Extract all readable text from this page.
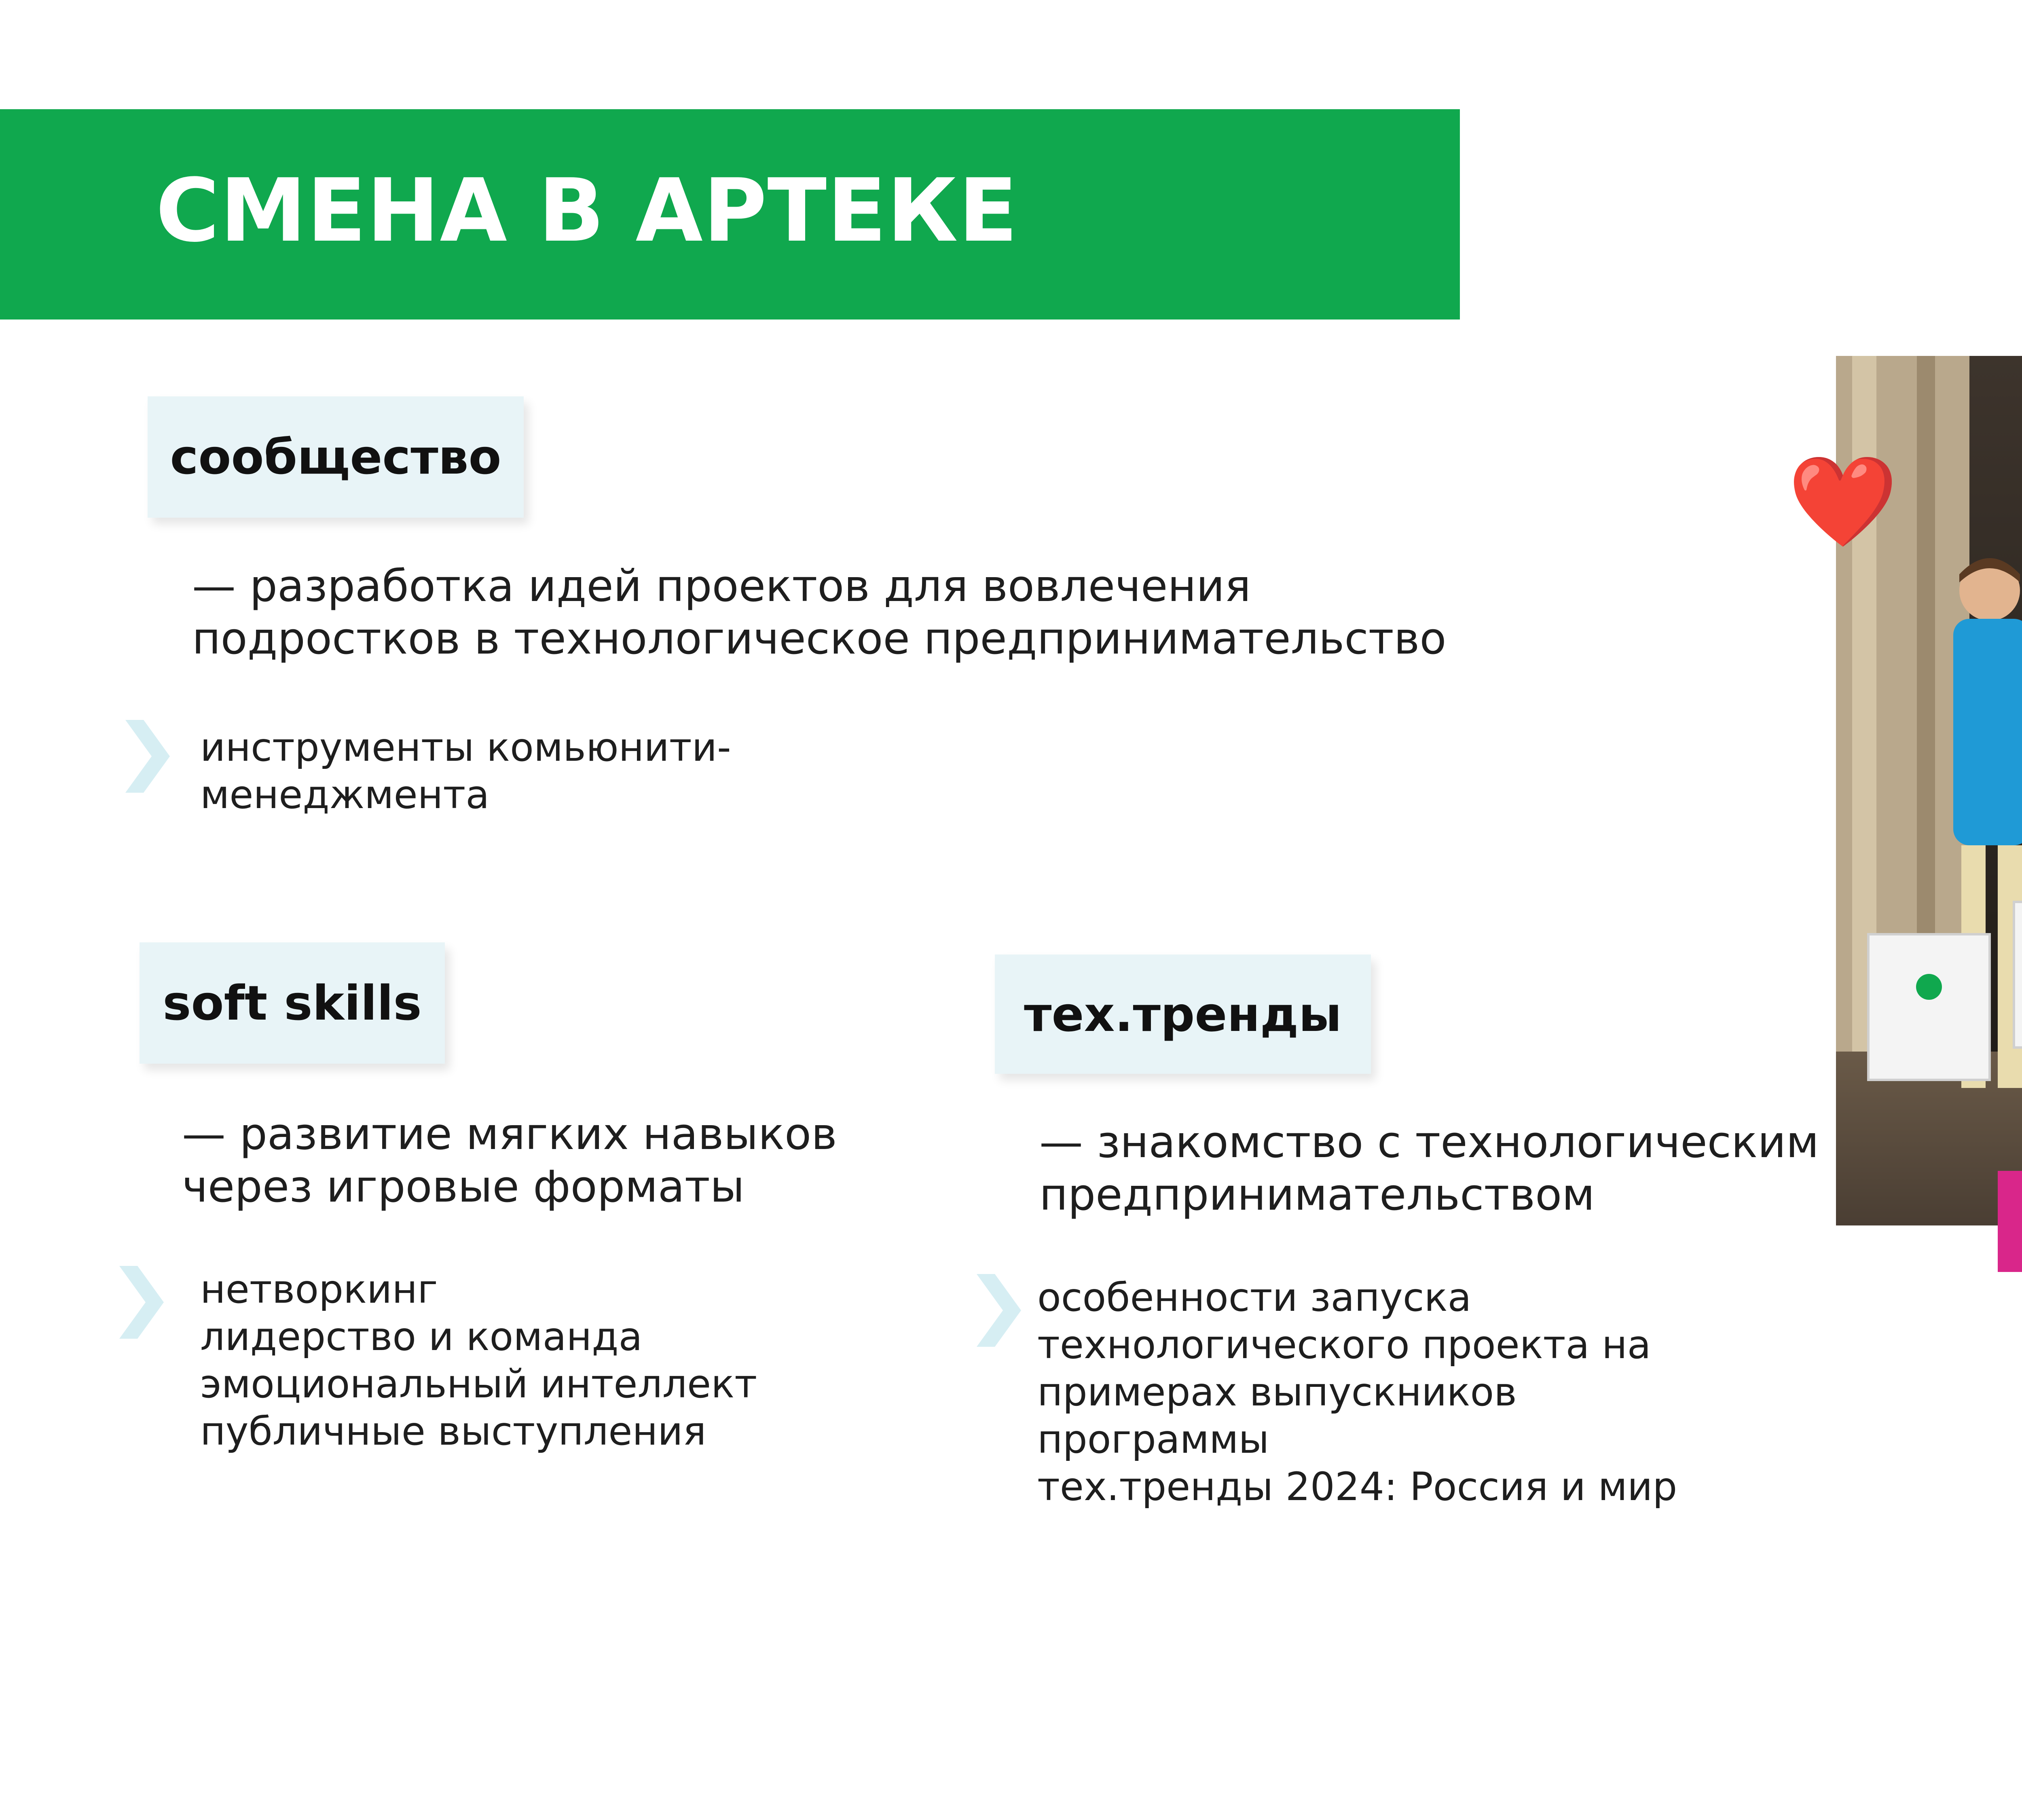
СМЕНА В АРТЕКЕ
сообщество
— разработка идей проектов для вовлечения
подростков в технологическое предпринимательство
инструменты комьюнити-
менеджмента
soft skills
— развитие мягких навыков
через игровые форматы
нетворкинг
лидерство и команда
эмоциональный интеллект
публичные выступления
тех.тренды
— знакомство с технологическим
предпринимательством
особенности запуска
технологического проекта на
примерах выпускников
программы
тех.тренды 2024: Россия и мир
❤️
